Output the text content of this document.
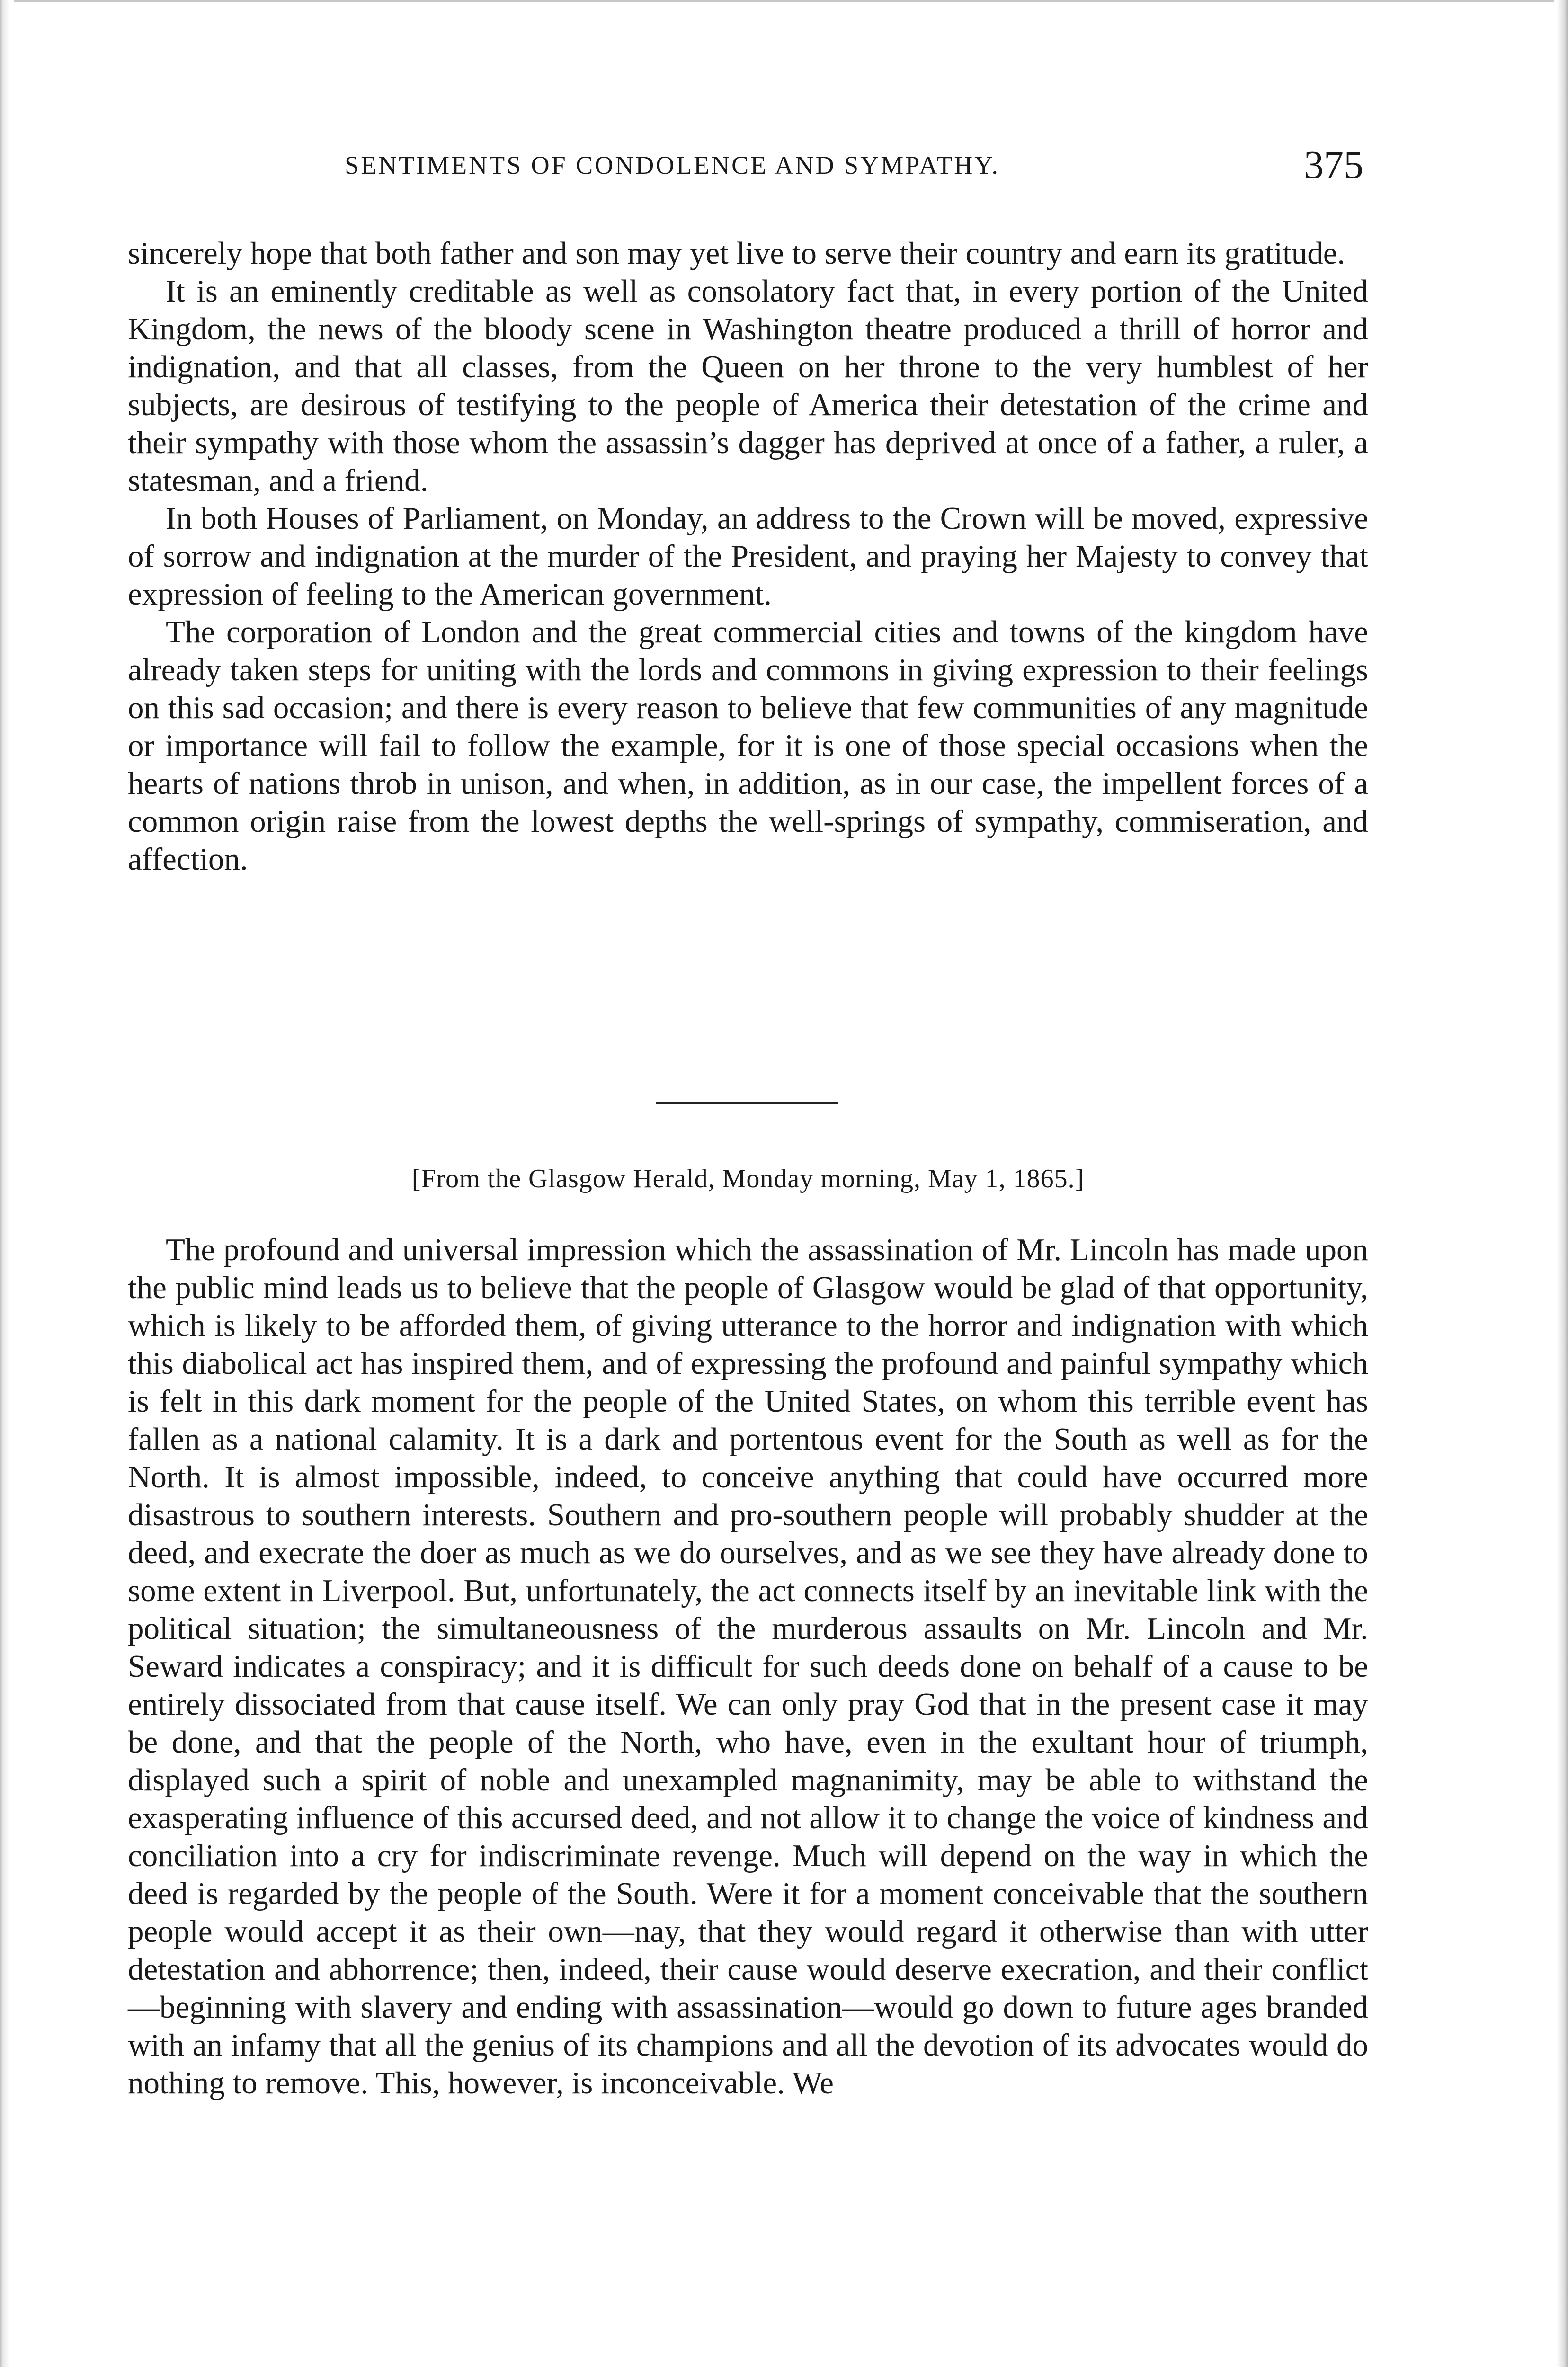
SENTIMENTS OF CONDOLENCE AND SYMPATHY.	375

sincerely hope that both father and son may yet live to serve their country and earn its gratitude.

It is an eminently creditable as well as consolatory fact that, in every portion of the United Kingdom, the news of the bloody scene in Washington theatre produced a thrill of horror and indignation, and that all classes, from the Queen on her throne to the very humblest of her subjects, are desirous of testifying to the people of America their detestation of the crime and their sympathy with those whom the assassin’s dagger has deprived at once of a father, a ruler, a statesman, and a friend.

In both Houses of Parliament, on Monday, an address to the Crown will be moved, expressive of sorrow and indignation at the murder of the President, and praying her Majesty to convey that expression of feeling to the American government.

The corporation of London and the great commercial cities and towns of the kingdom have already taken steps for uniting with the lords and commons in giving expression to their feelings on this sad occasion; and there is every reason to believe that few communities of any magnitude or importance will fail to follow the example, for it is one of those special occasions when the hearts of nations throb in unison, and when, in addition, as in our case, the impellent forces of a common origin raise from the lowest depths the well-springs of sympathy, commiseration, and affection.

[From the Glasgow Herald, Monday morning, May 1, 1865.]

The profound and universal impression which the assassination of Mr. Lincoln has made upon the public mind leads us to believe that the people of Glasgow would be glad of that opportunity, which is likely to be afforded them, of giving utterance to the horror and indignation with which this diabolical act has inspired them, and of expressing the profound and painful sympathy which is felt in this dark moment for the people of the United States, on whom this terrible event has fallen as a national calamity. It is a dark and portentous event for the South as well as for the North. It is almost impossible, indeed, to conceive anything that could have occurred more disastrous to southern interests. Southern and pro-southern people will probably shudder at the deed, and execrate the doer as much as we do ourselves, and as we see they have already done to some extent in Liverpool. But, unfortunately, the act connects itself by an inevitable link with the political situation; the simultaneousness of the murderous assaults on Mr. Lincoln and Mr. Seward indicates a conspiracy; and it is difficult for such deeds done on behalf of a cause to be entirely dissociated from that cause itself. We can only pray God that in the present case it may be done, and that the people of the North, who have, even in the exultant hour of triumph, displayed such a spirit of noble and unexampled magnanimity, may be able to withstand the exasperating influence of this accursed deed, and not allow it to change the voice of kindness and conciliation into a cry for indiscriminate revenge. Much will depend on the way in which the deed is regarded by the people of the South. Were it for a moment conceivable that the southern people would accept it as their own—nay, that they would regard it otherwise than with utter detestation and abhorrence; then, indeed, their cause would deserve execration, and their conflict—beginning with slavery and ending with assassination—would go down to future ages branded with an infamy that all the genius of its champions and all the devotion of its advocates would do nothing to remove. This, however, is inconceivable. We
